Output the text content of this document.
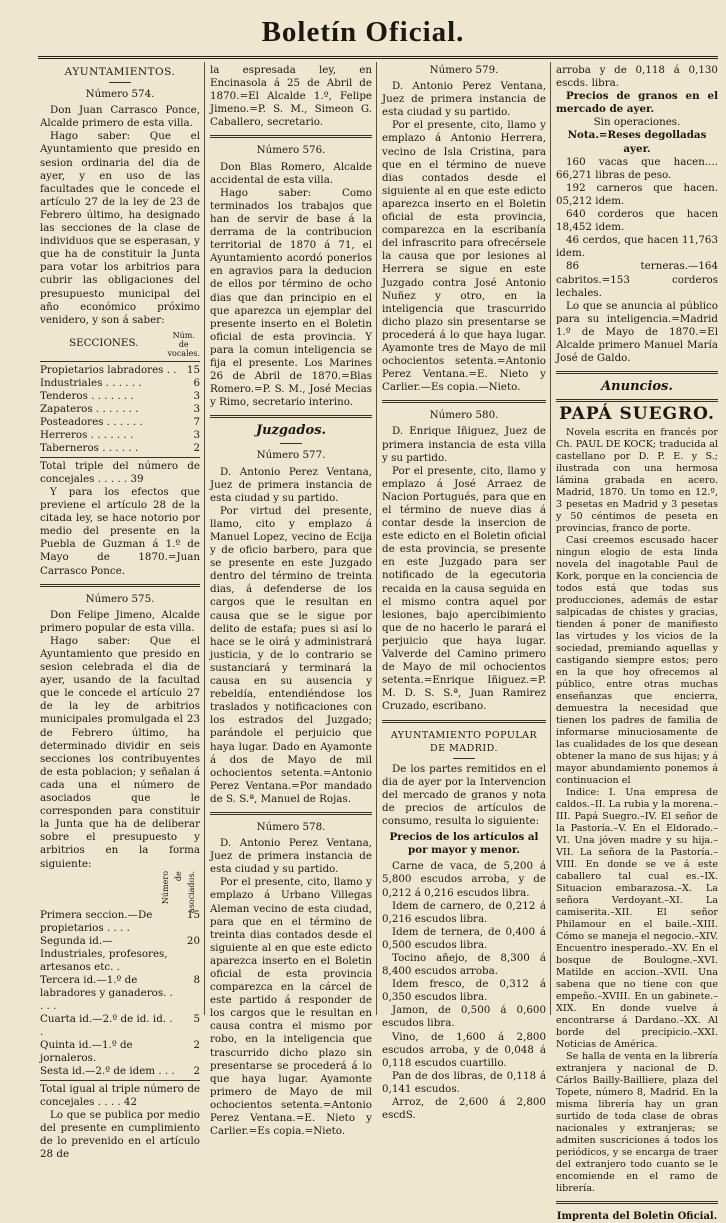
Boletín Oficial.
AYUNTAMIENTOS.
Número 574.

Don Juan Carrasco Ponce, Alcalde primero de esta villa.

Hago saber: Que el Ayuntamiento que presido en sesion ordinaria del dia de ayer, y en uso de las facultades que le concede el artículo 27 de la ley de 23 de Febrero último, ha designado las secciones de la clase de individuos que se esperasan, y que ha de constituir la Junta para votar los arbitrios para cubrir las obligaciones del presupuesto municipal del año económico próximo venidero, y son á saber:

SECCIONES.	Núm. de vocales.
Propietarios labradores . .	15
Industriales . . . . . .	6
Tenderos . . . . . . .	3
Zapateros . . . . . . .	3
Posteadores . . . . . .	7
Herreros . . . . . . .	3
Taberneros . . . . . .	2

Total triple del número de concejales . . . . . 39

Y para los efectos que previene el artículo 28 de la citada ley, se hace notorio por medio del presente en la Puebla de Guzman á 1.º de Mayo de 1870.=Juan Carrasco Ponce.

Número 575.

Don Felipe Jimeno, Alcalde primero popular de esta villa.

Hago saber: Que el Ayuntamiento que presido en sesion celebrada el dia de ayer, usando de la facultad que le concede el artículo 27 de la ley de arbitrios municipales promulgada el 23 de Febrero último, ha determinado dividir en seis secciones los contribuyentes de esta poblacion; y señalan á cada una el número de asociados que le corresponden para constituir la Junta que ha de deliberar sobre el presupuesto y arbitrios en la forma siguiente:

Número de asociados.
Primera seccion.—De propietarios . . . .	15
Segunda id.—Industriales, profesores, artesanos etc. .	20
Tercera id.—1.º de labradores y ganaderos. . . . .	8
Cuarta id.—2.º de id. id. . .	5
Quinta id.—1.º de jornaleros.	2
Sesta id.—2.º de idem . . .	2

Total igual al triple número de concejales . . . . 42

Lo que se publica por medio del presente en cumplimiento de lo prevenido en el artículo 28 de

la espresada ley, en Encinasola á 25 de Abril de 1870.=El Alcalde 1.º, Felipe Jimeno.=P. S. M., Simeon G. Caballero, secretario.

Número 576.

Don Blas Romero, Alcalde accidental de esta villa.

Hago saber: Como terminados los trabajos que han de servir de base á la derrama de la contribucion territorial de 1870 á 71, el Ayuntamiento acordó ponerlos en agravios para la deducion de ellos por término de ocho dias que dan principio en el que aparezca un ejemplar del presente inserto en el Boletin oficial de esta provincia. Y para la comun inteligencia se fija el presente. Los Marines 26 de Abril de 1870.=Blas Romero.=P. S. M., José Mecias y Rimo, secretario interino.

Juzgados.
Número 577.

D. Antonio Perez Ventana, Juez de primera instancia de esta ciudad y su partido.

Por virtud del presente, llamo, cito y emplazo á Manuel Lopez, vecino de Ecija y de oficio barbero, para que se presente en este Juzgado dentro del término de treinta dias, á defenderse de los cargos que le resultan en causa que se le sigue por delito de estafa; pues si así lo hace se le oirá y administrará justicia, y de lo contrario se sustanciará y terminará la causa en su ausencia y rebeldía, entendiéndose los traslados y notificaciones con los estrados del Juzgado; parándole el perjuicio que haya lugar. Dado en Ayamonte á dos de Mayo de mil ochocientos setenta.=Antonio Perez Ventana.=Por mandado de S. S.ª, Manuel de Rojas.

Número 578.

D. Antonio Perez Ventana, Juez de primera instancia de esta ciudad y su partido.

Por el presente, cito, llamo y emplazo á Urbano Villegas Aleman vecino de esta ciudad, para que en el término de treinta dias contados desde el siguiente al en que este edicto aparezca inserto en el Boletin oficial de esta provincia comparezca en la cárcel de este partido á responder de los cargos que le resultan en causa contra el mismo por robo, en la inteligencia que trascurrido dicho plazo sin presentarse se procederá á lo que haya lugar. Ayamonte primero de Mayo de mil ochocientos setenta.=Antonio Perez Ventana.=E. Nieto y Carlier.=Es copia.=Nieto.

Número 579.

D. Antonio Perez Ventana, Juez de primera instancia de esta ciudad y su partido.

Por el presente, cito, llamo y emplazo á Antonio Herrera, vecino de Isla Cristina, para que en el término de nueve dias contados desde el siguiente al en que este edicto aparezca inserto en el Boletin oficial de esta provincia, comparezca en la escribanía del infrascrito para ofrecérsele la causa que por lesiones al Herrera se sigue en este Juzgado contra José Antonio Nuñez y otro, en la inteligencia que trascurrido dicho plazo sin presentarse se procederá á lo que haya lugar. Ayamonte tres de Mayo de mil ochocientos setenta.=Antonio Perez Ventana.=E. Nieto y Carlier.—Es copia.—Nieto.

Número 580.

D. Enrique Iñiguez, Juez de primera instancia de esta villa y su partido.

Por el presente, cito, llamo y emplazo á José Arraez de Nacion Portugués, para que en el término de nueve dias á contar desde la insercion de este edicto en el Boletin oficial de esta provincia, se presente en este Juzgado para ser notificado de la egecutoria recaida en la causa seguida en el mismo contra aquel por lesiones, bajo apercibimiento que de no hacerlo le parará el perjuicio que haya lugar. Valverde del Camino primero de Mayo de mil ochocientos setenta.=Enrique Iñiguez.=P. M. D. S. S.ª, Juan Ramirez Cruzado, escribano.

AYUNTAMIENTO POPULAR DE MADRID.

De los partes remitidos en el dia de ayer por la Intervencion del mercado de granos y nota de precios de artículos de consumo, resulta lo siguiente:

Precios de los artículos al por mayor y menor.

Carne de vaca, de 5,200 á 5,800 escudos arroba, y de 0,212 á 0,216 escudos libra.

Idem de carnero, de 0,212 á 0,216 escudos libra.

Idem de ternera, de 0,400 á 0,500 escudos libra.

Tocino añejo, de 8,300 á 8,400 escudos arroba.

Idem fresco, de 0,312 á 0,350 escudos libra.

Jamon, de 0,500 á 0,600 escudos libra.

Vino, de 1,600 á 2,800 escudos arroba, y de 0,048 á 0,118 escudos cuartillo.

Pan de dos libras, de 0,118 á 0,141 escudos.

Arroz, de 2,600 á 2,800 escdS.

arroba y de 0,118 á 0,130 escds. libra.

Precios de granos en el mercado de ayer.

Sin operaciones.

Nota.=Reses degolladas ayer.

160 vacas que hacen.... 66,271 libras de peso.

192 carneros que hacen. 05,212 idem.

640 corderos que hacen 18,452 idem.

46 cerdos, que hacen 11,763 idem.

86 terneras.—164 cabritos.=153 corderos lechales.

Lo que se anuncia al público para su inteligencia.=Madrid 1.º de Mayo de 1870.=El Alcalde primero Manuel María José de Galdo.

Anuncios.
PAPÁ SUEGRO.

Novela escrita en francés por Ch. PAUL DE KOCK; traducida al castellano por D. P. E. y S.; ilustrada con una hermosa lámina grabada en acero. Madrid, 1870. Un tomo en 12.º, 3 pesetas en Madrid y 3 pesetas y 50 céntimos de peseta en provincias, franco de porte.

Casi creemos escusado hacer ningun elogio de esta linda novela del inagotable Paul de Kork, porque en la conciencia de todos está que todas sus producciones, además de estar salpicadas de chistes y gracias, tienden á poner de manifiesto las virtudes y los vicios de la sociedad, premiando aquellas y castigando siempre estos; pero en la que hoy ofrecemos al público, entre otras muchas enseñanzas que encierra, demuestra la necesidad que tienen los padres de familia de informarse minuciosamente de las cualidades de los que desean obtener la mano de sus hijas; y á mayor abundamiento ponemos á continuacion el

Indice: I. Una empresa de caldos.–II. La rubia y la morena.–III. Papá Suegro.–IV. El señor de la Pastoría.–V. En el Eldorado.–VI. Una jóven madre y su hija.–VII. La señora de la Pastoría.–VIII. En donde se ve á este caballero tal cual es.–IX. Situacion embarazosa.–X. La señora Verdoyant.–XI. La camiserita.–XII. El señor Philamour en el baile.–XIII. Cómo se maneja el negocio.–XIV. Encuentro inesperado.–XV. En el bosque de Boulogne.–XVI. Matilde en accion.–XVII. Una sabena que no tiene con que empeño.–XVIII. En un gabinete.–XIX. En donde vuelve á encontrarse á Dardano.–XX. Al borde del precipicio.–XXI. Noticias de América.

Se halla de venta en la librería extranjera y nacional de D. Cárlos Bailly-Bailliere, plaza del Topete, número 8, Madrid. En la misma librería hay un gran surtido de toda clase de obras nacionales y extranjeras; se admiten suscriciones á todos los periódicos, y se encarga de traer del extranjero todo cuanto se le encomiende en el ramo de librería.

Imprenta del Boletin Oficial.
